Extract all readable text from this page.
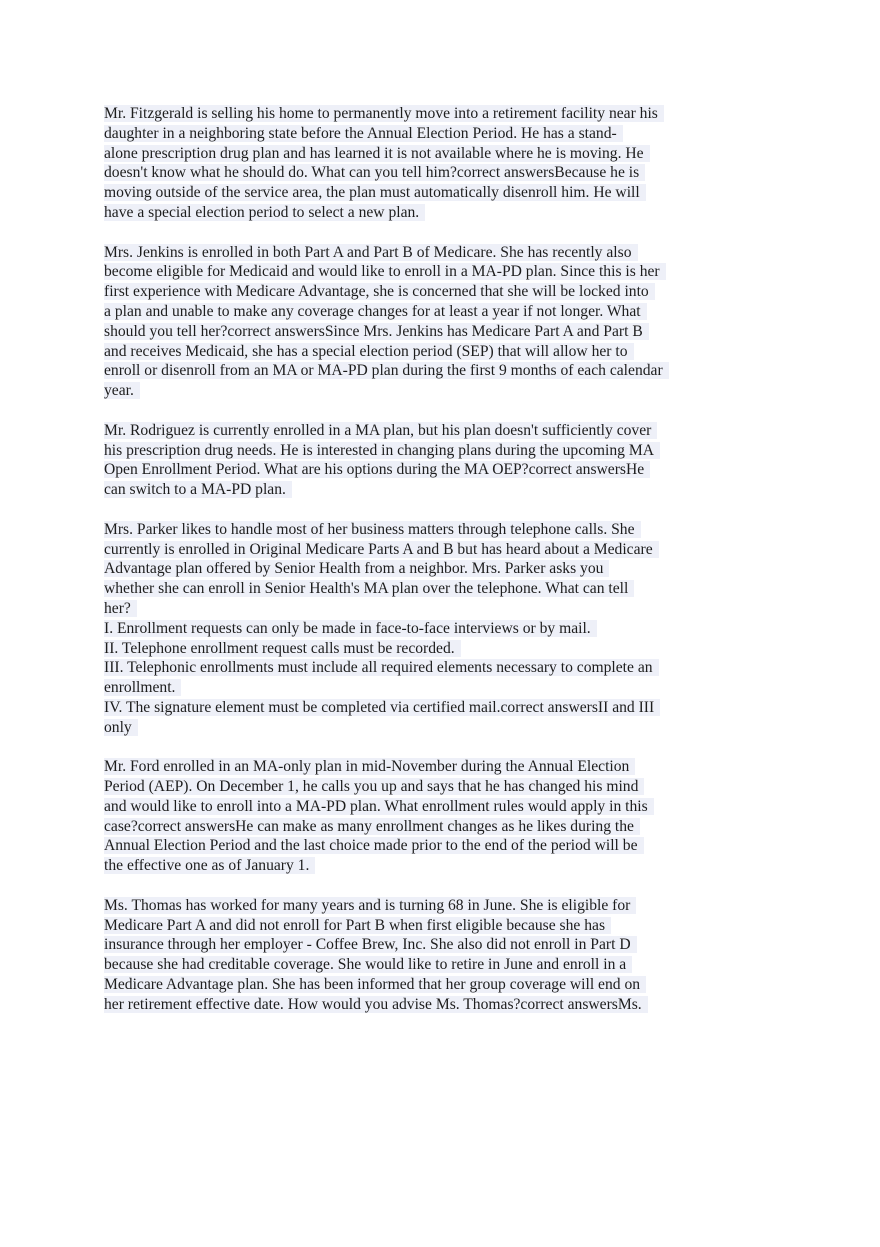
Mr. Fitzgerald is selling his home to permanently move into a retirement facility near his
daughter in a neighboring state before the Annual Election Period. He has a stand-
alone prescription drug plan and has learned it is not available where he is moving. He
doesn't know what he should do. What can you tell him?correct answersBecause he is
moving outside of the service area, the plan must automatically disenroll him. He will
have a special election period to select a new plan.
Mrs. Jenkins is enrolled in both Part A and Part B of Medicare. She has recently also
become eligible for Medicaid and would like to enroll in a MA-PD plan. Since this is her
first experience with Medicare Advantage, she is concerned that she will be locked into
a plan and unable to make any coverage changes for at least a year if not longer. What
should you tell her?correct answersSince Mrs. Jenkins has Medicare Part A and Part B
and receives Medicaid, she has a special election period (SEP) that will allow her to
enroll or disenroll from an MA or MA-PD plan during the first 9 months of each calendar
year.
Mr. Rodriguez is currently enrolled in a MA plan, but his plan doesn't sufficiently cover
his prescription drug needs. He is interested in changing plans during the upcoming MA
Open Enrollment Period. What are his options during the MA OEP?correct answersHe
can switch to a MA-PD plan.
Mrs. Parker likes to handle most of her business matters through telephone calls. She
currently is enrolled in Original Medicare Parts A and B but has heard about a Medicare
Advantage plan offered by Senior Health from a neighbor. Mrs. Parker asks you
whether she can enroll in Senior Health's MA plan over the telephone. What can tell
her?
I. Enrollment requests can only be made in face-to-face interviews or by mail.
II. Telephone enrollment request calls must be recorded.
III. Telephonic enrollments must include all required elements necessary to complete an
enrollment.
IV. The signature element must be completed via certified mail.correct answersII and III
only
Mr. Ford enrolled in an MA-only plan in mid-November during the Annual Election
Period (AEP). On December 1, he calls you up and says that he has changed his mind
and would like to enroll into a MA-PD plan. What enrollment rules would apply in this
case?correct answersHe can make as many enrollment changes as he likes during the
Annual Election Period and the last choice made prior to the end of the period will be
the effective one as of January 1.
Ms. Thomas has worked for many years and is turning 68 in June. She is eligible for
Medicare Part A and did not enroll for Part B when first eligible because she has
insurance through her employer - Coffee Brew, Inc. She also did not enroll in Part D
because she had creditable coverage. She would like to retire in June and enroll in a
Medicare Advantage plan. She has been informed that her group coverage will end on
her retirement effective date. How would you advise Ms. Thomas?correct answersMs.
